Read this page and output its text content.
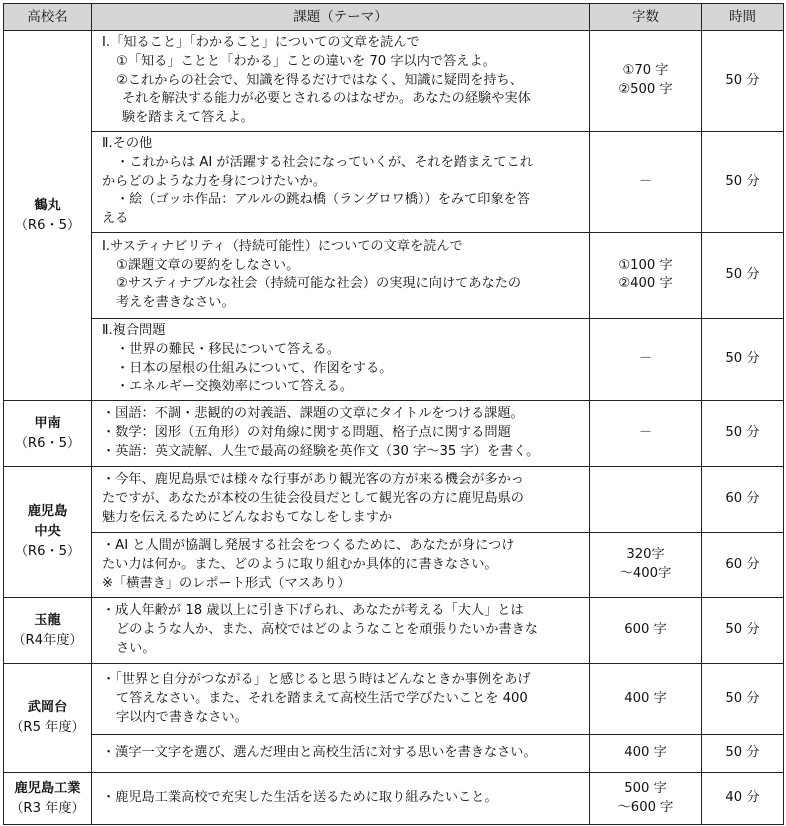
高校名	課題（テーマ）	字数	時間

鶴丸
（R6・5）	Ⅰ.「知ること」「わかること」についての文章を読んで
①「知る」ことと「わかる」ことの違いを 70 字以内で答えよ。
②これからの社会で、知識を得るだけではなく、知識に疑問を持ち、
それを解決する能力が必要とされるのはなぜか。あなたの経験や実体
験を踏まえて答えよ。	①70 字
②500 字	50 分

	Ⅱ.その他
・これからは AI が活躍する社会になっていくが、それを踏まえてこれ
からどのような力を身につけたいか。
・絵（ゴッホ作品：アルルの跳ね橋（ラングロワ橋））をみて印象を答
える	－	50 分

	Ⅰ.サスティナビリティ（持続可能性）についての文章を読んで
①課題文章の要約をしなさい。
②サスティナブルな社会（持続可能な社会）の実現に向けてあなたの
考えを書きなさい。	①100 字
②400 字	50 分

	Ⅱ.複合問題
・世界の難民・移民について答える。
・日本の屋根の仕組みについて、作図をする。
・エネルギー交換効率について答える。	－	50 分

甲南
（R6・5）	・国語：不調・悲観的の対義語、課題の文章にタイトルをつける課題。
・数学：図形（五角形）の対角線に関する問題、格子点に関する問題
・英語：英文読解、人生で最高の経験を英作文（30 字～35 字）を書く。	－	50 分

鹿児島
中央
（R6・5）	・今年、鹿児島県では様々な行事があり観光客の方が来る機会が多かっ
たですが、あなたが本校の生徒会役員だとして観光客の方に鹿児島県の
魅力を伝えるためにどんなおもてなしをしますか		60 分

	・AI と人間が協調し発展する社会をつくるために、あなたが身につけ
たい力は何か。また、どのように取り組むか具体的に書きなさい。
※「横書き」のレポート形式（マスあり）	320字
～400字	60 分

玉龍
（R4年度）	・成人年齢が 18 歳以上に引き下げられ、あなたが考える「大人」とは
どのような人か、また、高校ではどのようなことを頑張りたいか書きな
さい。	600 字	50 分

武岡台
（R5 年度）	・「世界と自分がつながる」と感じると思う時はどんなときか事例をあげ
て答えなさい。また、それを踏まえて高校生活で学びたいことを 400
字以内で書きなさい。	400 字	50 分

	・漢字一文字を選び、選んだ理由と高校生活に対する思いを書きなさい。	400 字	50 分

鹿児島工業
（R3 年度）	・鹿児島工業高校で充実した生活を送るために取り組みたいこと。	500 字
～600 字	40 分
